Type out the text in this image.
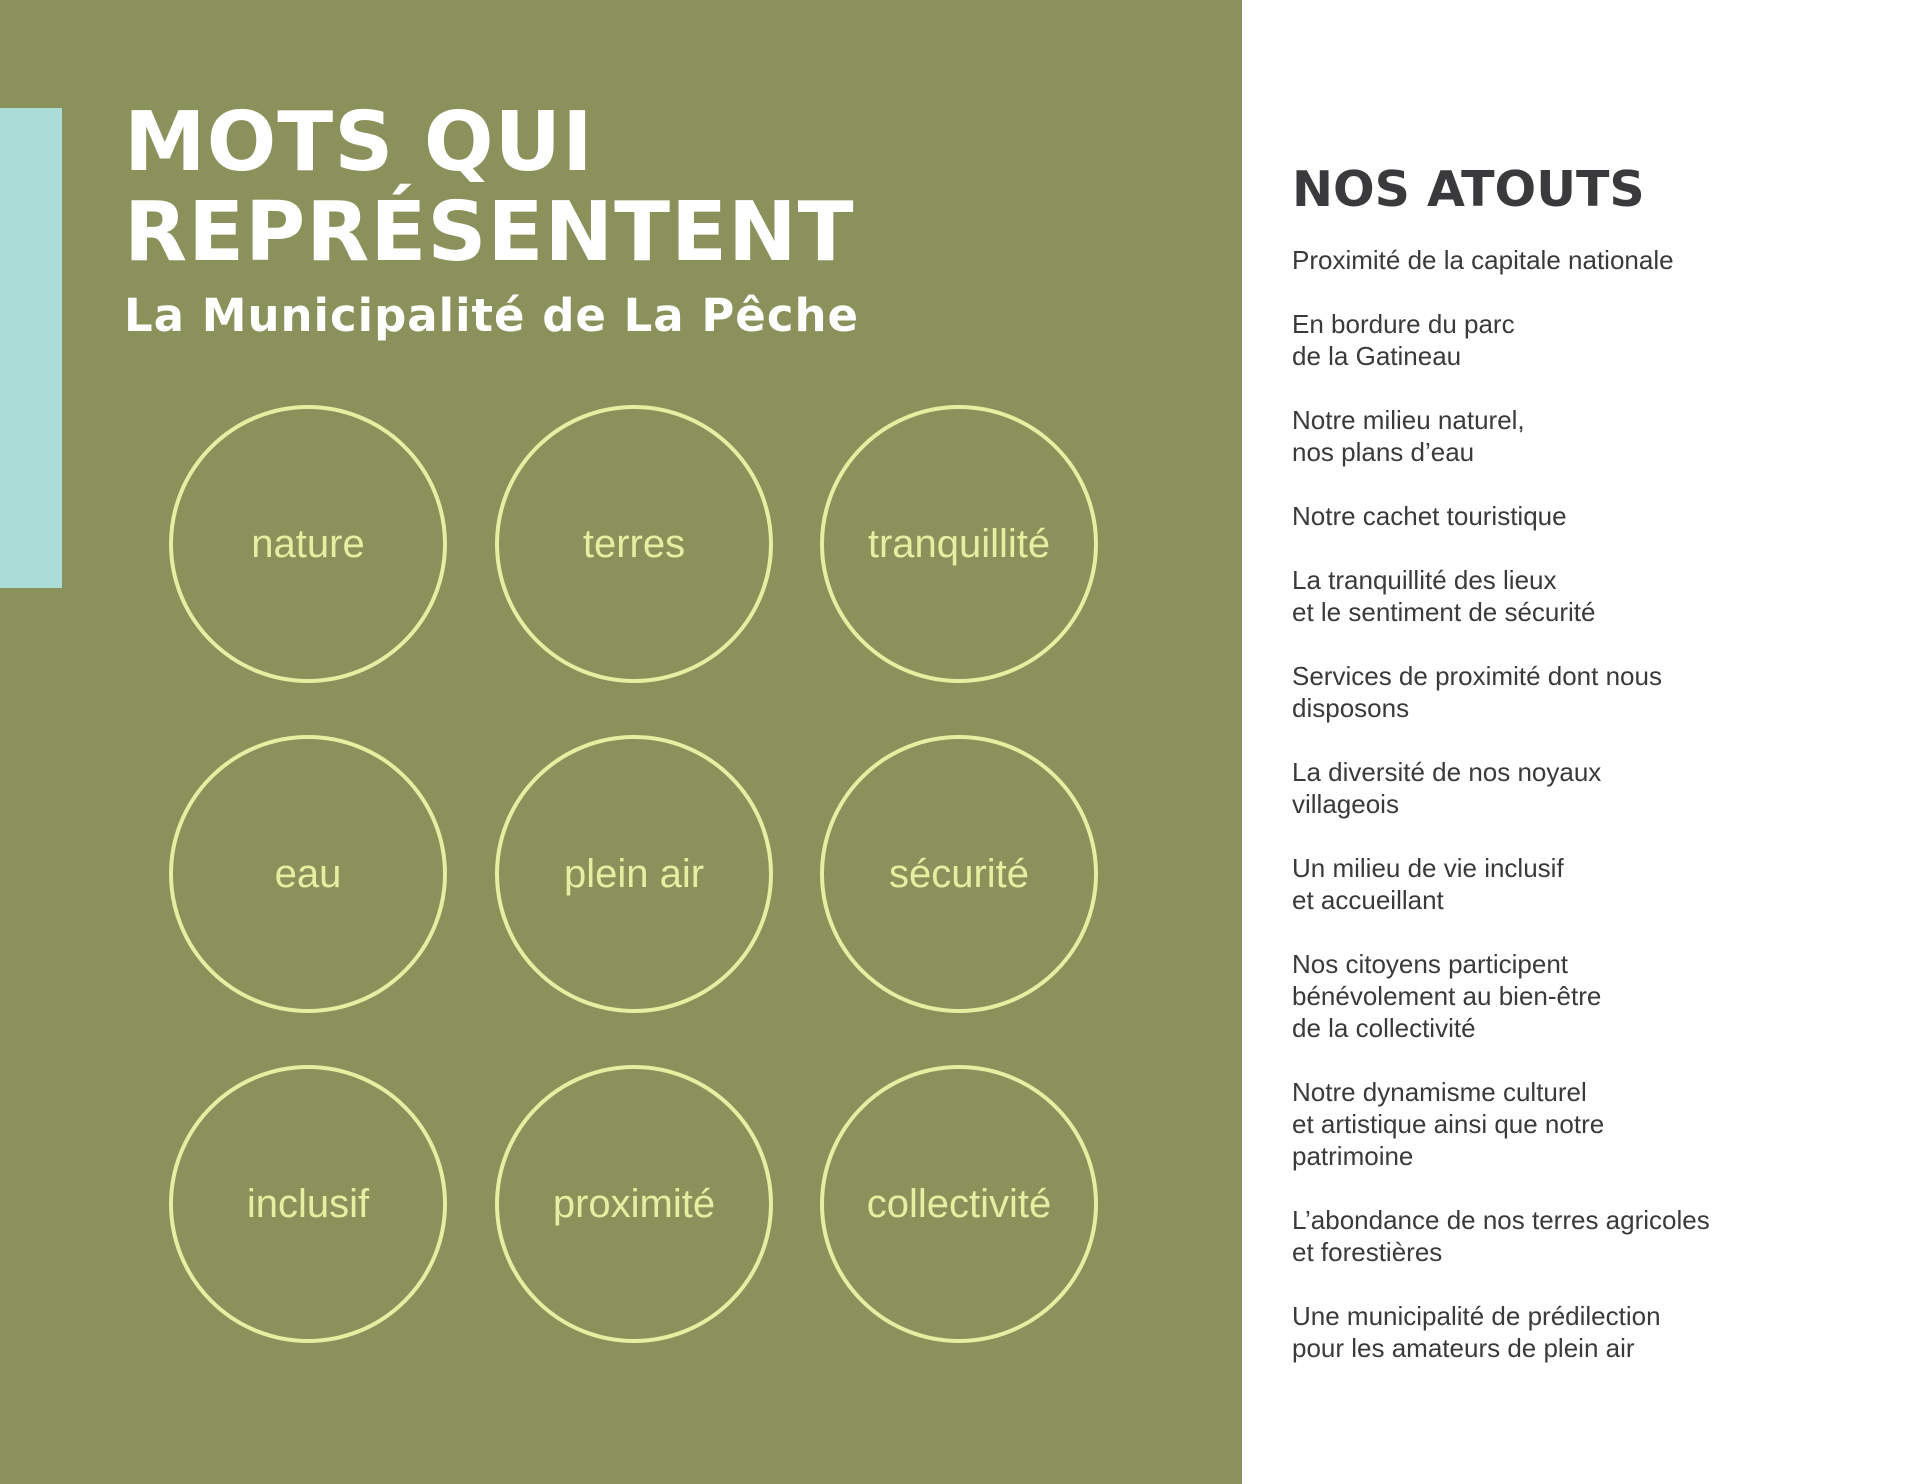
MOTS QUI
REPRÉSENTENT
La Municipalité de La Pêche
nature	terres	tranquillité
eau	plein air	sécurité
inclusif	proximité	collectivité
NOS ATOUTS
Proximité de la capitale nationale
En bordure du parc
de la Gatineau
Notre milieu naturel,
nos plans d’eau
Notre cachet touristique
La tranquillité des lieux
et le sentiment de sécurité
Services de proximité dont nous
disposons
La diversité de nos noyaux
villageois
Un milieu de vie inclusif
et accueillant
Nos citoyens participent
bénévolement au bien-être
de la collectivité
Notre dynamisme culturel
et artistique ainsi que notre
patrimoine
L’abondance de nos terres agricoles
et forestières
Une municipalité de prédilection
pour les amateurs de plein air
